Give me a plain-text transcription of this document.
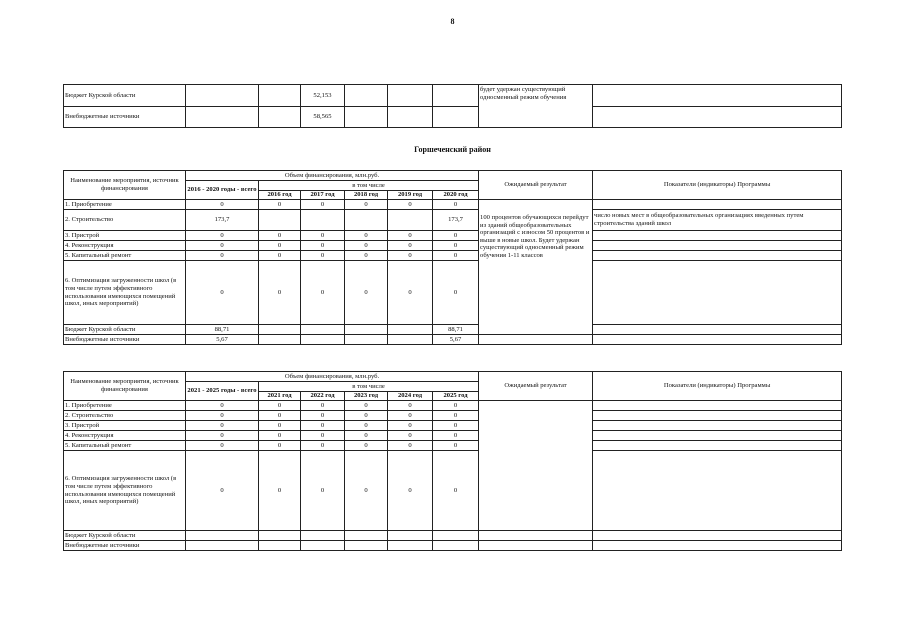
8
Бюджет Курской области			52,153				будет удержан существующий односменный режим обучения	
Внебюджетные источники			58,565					
Горшеченский район
Наименование мероприятия, источник финансирования	Объем финансирования, млн.руб.						Ожидаемый результат	Показатели (индикаторы) Программы
	2016 - 2020 годы - всего	в том числе						
		2016 год	2017 год	2018 год	2019 год	2020 год		
1. Приобретение	0	0	0	0	0	0	100 процентов обучающихся перейдут из зданий общеобразовательных организаций с износом 50 процентов и выше в новые школ. Будет удержан существующий односменный режим обучения 1-11 классов	
2. Строительство	173,7					173,7		число новых мест в общеобразовательных организациях введенных путем строительства зданий школ
3. Пристрой	0	0	0	0	0	0		
4. Реконструкция	0	0	0	0	0	0		
5. Капитальный ремонт	0	0	0	0	0	0		
6. Оптимизация загруженности школ (в том числе путем эффективного использования имеющихся помещений школ, иных мероприятий)	0	0	0	0	0	0		
Бюджет Курской области	88,71					88,71		
Внебюджетные источники	5,67					5,67		
Наименование мероприятия, источник финансирования	Объем финансирования, млн.руб.						Ожидаемый результат	Показатели (индикаторы) Программы
	2021 - 2025 годы - всего	в том числе						
		2021 год	2022 год	2023 год	2024 год	2025 год		
1. Приобретение	0	0	0	0	0	0		
2. Строительство	0	0	0	0	0	0		
3. Пристрой	0	0	0	0	0	0		
4. Реконструкция	0	0	0	0	0	0		
5. Капитальный ремонт	0	0	0	0	0	0		
6. Оптимизация загруженности школ (в том числе путем эффективного использования имеющихся помещений школ, иных мероприятий)	0	0	0	0	0	0		
Бюджет Курской области								
Внебюджетные источники								
